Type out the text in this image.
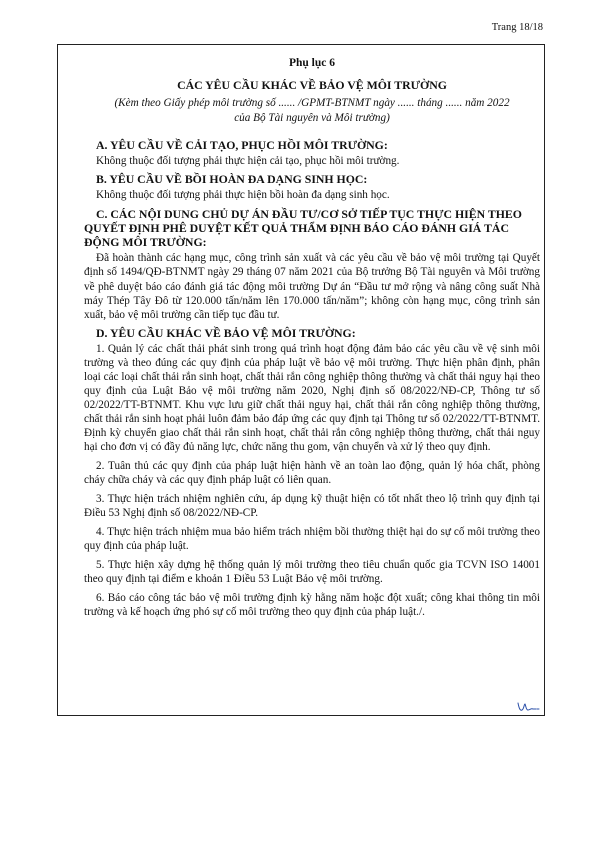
Trang 18/18

Phụ lục 6

CÁC YÊU CẦU KHÁC VỀ BẢO VỆ MÔI TRƯỜNG

(Kèm theo Giấy phép môi trường số ...... /GPMT-BTNMT ngày ...... tháng ...... năm 2022

của Bộ Tài nguyên và Môi trường)

A. YÊU CẦU VỀ CẢI TẠO, PHỤC HỒI MÔI TRƯỜNG:

Không thuộc đối tượng phải thực hiện cải tạo, phục hồi môi trường.

B. YÊU CẦU VỀ BỒI HOÀN ĐA DẠNG SINH HỌC:

Không thuộc đối tượng phải thực hiện bồi hoàn đa dạng sinh học.

C. CÁC NỘI DUNG CHỦ DỰ ÁN ĐẦU TƯ/CƠ SỞ TIẾP TỤC THỰC HIỆN THEO QUYẾT ĐỊNH PHÊ DUYỆT KẾT QUẢ THẨM ĐỊNH BÁO CÁO ĐÁNH GIÁ TÁC ĐỘNG MÔI TRƯỜNG:

Đã hoàn thành các hạng mục, công trình sản xuất và các yêu cầu về bảo vệ môi trường tại Quyết định số 1494/QĐ-BTNMT ngày 29 tháng 07 năm 2021 của Bộ trưởng Bộ Tài nguyên và Môi trường về phê duyệt báo cáo đánh giá tác động môi trường Dự án “Đầu tư mở rộng và nâng công suất Nhà máy Thép Tây Đô từ 120.000 tấn/năm lên 170.000 tấn/năm”; không còn hạng mục, công trình sản xuất, bảo vệ môi trường cần tiếp tục đầu tư.

D. YÊU CẦU KHÁC VỀ BẢO VỆ MÔI TRƯỜNG:

1. Quản lý các chất thải phát sinh trong quá trình hoạt động đảm bảo các yêu cầu về vệ sinh môi trường và theo đúng các quy định của pháp luật về bảo vệ môi trường. Thực hiện phân định, phân loại các loại chất thải rắn sinh hoạt, chất thải rắn công nghiệp thông thường và chất thải nguy hại theo quy định của Luật Bảo vệ môi trường năm 2020, Nghị định số 08/2022/NĐ-CP, Thông tư số 02/2022/TT-BTNMT. Khu vực lưu giữ chất thải nguy hại, chất thải rắn công nghiệp thông thường, chất thải rắn sinh hoạt phải luôn đảm bảo đáp ứng các quy định tại Thông tư số 02/2022/TT-BTNMT. Định kỳ chuyển giao chất thải rắn sinh hoạt, chất thải rắn công nghiệp thông thường, chất thải nguy hại cho đơn vị có đầy đủ năng lực, chức năng thu gom, vận chuyển và xử lý theo quy định.

2. Tuân thủ các quy định của pháp luật hiện hành về an toàn lao động, quản lý hóa chất, phòng cháy chữa cháy và các quy định pháp luật có liên quan.

3. Thực hiện trách nhiệm nghiên cứu, áp dụng kỹ thuật hiện có tốt nhất theo lộ trình quy định tại Điều 53 Nghị định số 08/2022/NĐ-CP.

4. Thực hiện trách nhiệm mua bảo hiểm trách nhiệm bồi thường thiệt hại do sự cố môi trường theo quy định của pháp luật.

5. Thực hiện xây dựng hệ thống quản lý môi trường theo tiêu chuẩn quốc gia TCVN ISO 14001 theo quy định tại điểm e khoản 1 Điều 53 Luật Bảo vệ môi trường.

6. Báo cáo công tác bảo vệ môi trường định kỳ hằng năm hoặc đột xuất; công khai thông tin môi trường và kế hoạch ứng phó sự cố môi trường theo quy định của pháp luật./.
